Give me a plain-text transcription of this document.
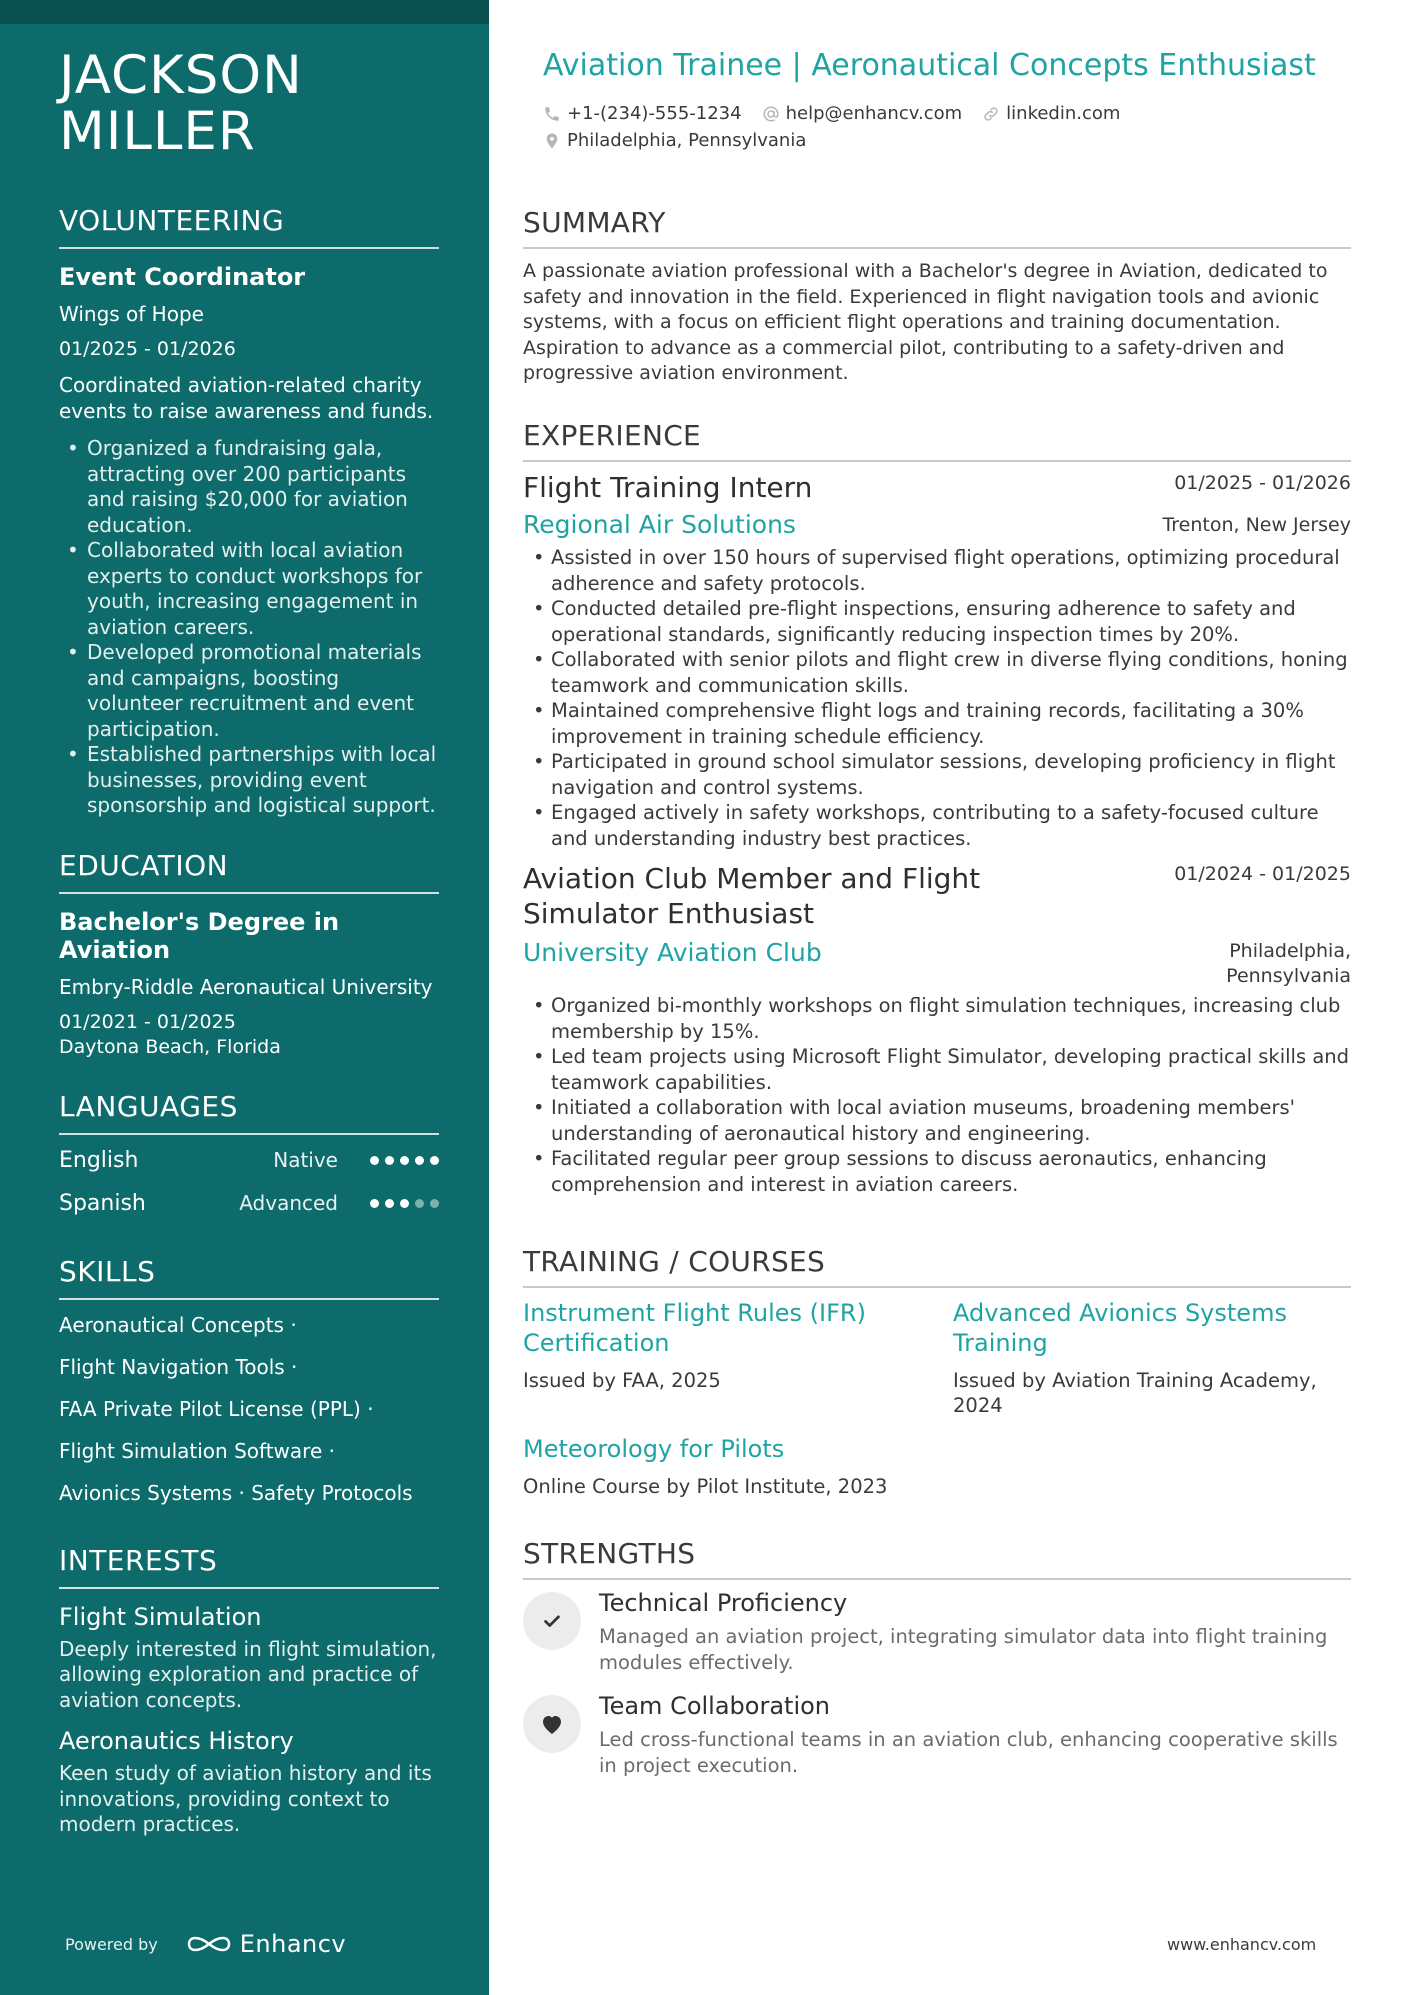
JACKSON
MILLER
VOLUNTEERING
Event Coordinator
Wings of Hope
01/2025 - 01/2026
Coordinated aviation-related charity events to raise awareness and funds.
• Organized a fundraising gala, attracting over 200 participants and raising $20,000 for aviation education.
• Collaborated with local aviation experts to conduct workshops for youth, increasing engagement in aviation careers.
• Developed promotional materials and campaigns, boosting volunteer recruitment and event participation.
• Established partnerships with local businesses, providing event sponsorship and logistical support.
EDUCATION
Bachelor's Degree in Aviation
Embry-Riddle Aeronautical University
01/2021 - 01/2025
Daytona Beach, Florida
LANGUAGES
English	Native
Spanish	Advanced
SKILLS
Aeronautical Concepts ·
Flight Navigation Tools ·
FAA Private Pilot License (PPL) ·
Flight Simulation Software ·
Avionics Systems · Safety Protocols
INTERESTS
Flight Simulation
Deeply interested in flight simulation, allowing exploration and practice of aviation concepts.
Aeronautics History
Keen study of aviation history and its innovations, providing context to modern practices.
Powered by	Enhancv
Aviation Trainee | Aeronautical Concepts Enthusiast
+1-(234)-555-1234 help@enhancv.com linkedin.com
Philadelphia, Pennsylvania
SUMMARY
A passionate aviation professional with a Bachelor's degree in Aviation, dedicated to safety and innovation in the field. Experienced in flight navigation tools and avionic systems, with a focus on efficient flight operations and training documentation. Aspiration to advance as a commercial pilot, contributing to a safety-driven and progressive aviation environment.
EXPERIENCE
Flight Training Intern	01/2025 - 01/2026
Regional Air Solutions	Trenton, New Jersey
• Assisted in over 150 hours of supervised flight operations, optimizing procedural adherence and safety protocols.
• Conducted detailed pre-flight inspections, ensuring adherence to safety and operational standards, significantly reducing inspection times by 20%.
• Collaborated with senior pilots and flight crew in diverse flying conditions, honing teamwork and communication skills.
• Maintained comprehensive flight logs and training records, facilitating a 30% improvement in training schedule efficiency.
• Participated in ground school simulator sessions, developing proficiency in flight navigation and control systems.
• Engaged actively in safety workshops, contributing to a safety-focused culture and understanding industry best practices.
Aviation Club Member and Flight Simulator Enthusiast
01/2024 - 01/2025
University Aviation Club	Philadelphia, Pennsylvania
• Organized bi-monthly workshops on flight simulation techniques, increasing club membership by 15%.
• Led team projects using Microsoft Flight Simulator, developing practical skills and teamwork capabilities.
• Initiated a collaboration with local aviation museums, broadening members' understanding of aeronautical history and engineering.
• Facilitated regular peer group sessions to discuss aeronautics, enhancing comprehension and interest in aviation careers.
TRAINING / COURSES
Instrument Flight Rules (IFR) Certification
Issued by FAA, 2025
Advanced Avionics Systems Training
Issued by Aviation Training Academy, 2024
Meteorology for Pilots
Online Course by Pilot Institute, 2023
STRENGTHS
Technical Proficiency
Managed an aviation project, integrating simulator data into flight training modules effectively.
Team Collaboration
Led cross-functional teams in an aviation club, enhancing cooperative skills in project execution.
www.enhancv.com
